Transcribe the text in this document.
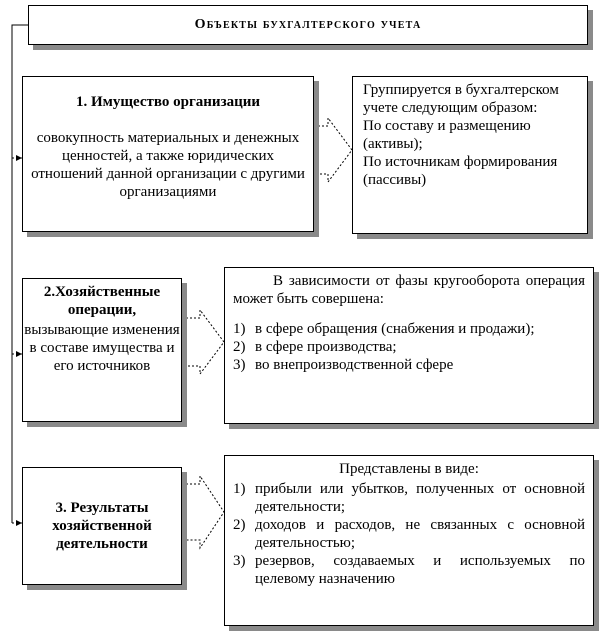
Объекты бухгалтерского учета
1. Имущество организации
совокупность материальных и денежных ценностей, а также юридических отношений данной организации с другими организациями
Группируется в бухгалтерском учете следующим образом:
По составу и размещению (активы);
По источникам формирования (пассивы)
2.Хозяйственные операции,
вызывающие изменения в составе имущества и его источников
В зависимости от фазы кругооборота операция может быть совершена:
1) в сфере обращения (снабжения и продажи);
2) в сфере производства;
3) во внепроизводственной сфере
3. Результаты хозяйственной деятельности
Представлены в виде:
1) прибыли или убытков, полученных от основной деятельности;
2) доходов и расходов, не связанных с основной деятельностью;
3) резервов, создаваемых и используемых по целевому назначению
